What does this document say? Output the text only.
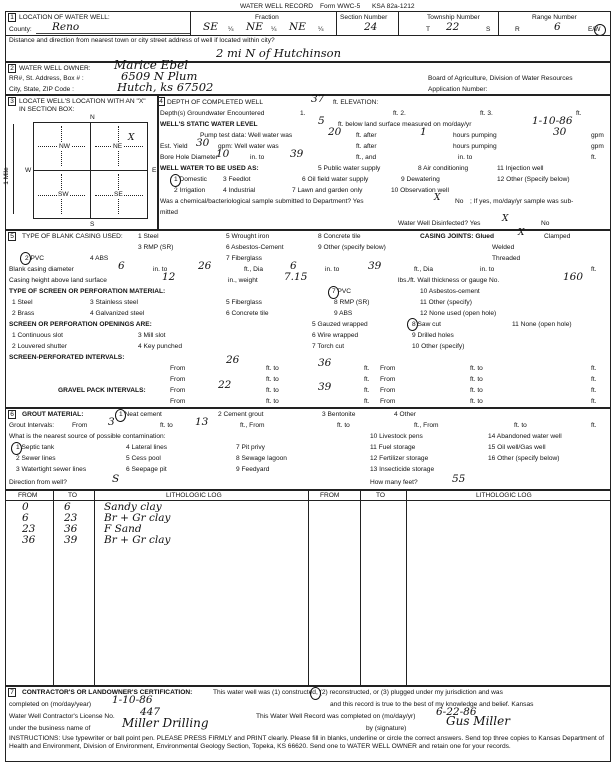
WATER WELL RECORD Form WWC-5 KSA 82a-1212
1 LOCATION OF WATER WELL:
County: Reno
Fraction
SE ¼ NE ¼ NE ¼
Section Number
24
Township Number
T 22	S
Range Number
R	6	E/W
Distance and direction from nearest town or city street address of well if located within city?
2 mi N of Hutchinson
2 WATER WELL OWNER: Marice Ebel
RR#, St. Address, Box # :	6509 N Plum
City, State, ZIP Code :	Hutch, ks 67502
Board of Agriculture, Division of Water Resources
Application Number:
3 LOCATE WELL'S LOCATION WITH AN "X" IN SECTION BOX:
N
S
W	E
1 Mile
NW	NE
SW	SE
X
4 DEPTH OF COMPLETED WELL	37 ft. ELEVATION:
Depth(s) Groundwater Encountered	1.	ft. 2.	ft. 3.	ft.
WELL'S STATIC WATER LEVEL	5 ft. below land surface measured on mo/day/yr	1-10-86
Pump test data: Well water was	20 ft. after	1	hours pumping	30	gpm
Est. Yield 30 gpm: Well water was	ft. after	hours pumping	gpm
Bore Hole Diameter
10	in. to 39	ft., and	in. to	ft.
WELL WATER TO BE USED AS:
1 Domestic 3 Feedlot
5 Public water supply	8 Air conditioning	11 Injection well
2 Irrigation	4 Industrial
6 Oil field water supply	9 Dewatering	12 Other (Specify below)
7 Lawn and garden only	10 Observation well
Was a chemical/bacteriological sample submitted to Department? Yes	X No ; If yes, mo/day/yr sample was sub-
mitted
Water Well Disinfected? Yes X	No
5	TYPE OF BLANK CASING USED: 1 Steel
3 RMP (SR)
5 Wrought iron	8 Concrete tile	CASING JOINTS: Glued	X	Clamped
2 PVC	4 ABS
6 Asbestos-Cement	9 Other (specify below)	Welded
7 Fiberglass	Threaded
Blank casing diameter	6	in. to	26	ft., Dia	6	in. to	39	ft., Dia	in. to	ft.
Casing height above land surface	12	in., weight	7.15	lbs./ft. Wall thickness or gauge No.	160
TYPE OF SCREEN OR PERFORATION MATERIAL:	7 PVC	10 Asbestos-cement
1 Steel	3 Stainless steel	5 Fiberglass	8 RMP (SR)	11 Other (specify)
2 Brass	4 Galvanized steel	6 Concrete tile	9 ABS	12 None used (open hole)
SCREEN OR PERFORATION OPENINGS ARE:	5 Gauzed wrapped	8 Saw cut	11 None (open hole)
1 Continuous slot	3 Mill slot	6 Wire wrapped	9 Drilled holes
2 Louvered shutter	4 Key punched	7 Torch cut	10 Other (specify)
SCREEN-PERFORATED INTERVALS:
From
26
ft. to	36	ft. From	ft. to	ft.
From	ft. to	ft. From	ft. to	ft.
GRAVEL PACK INTERVALS:	From	22	ft. to	39	ft. From	ft. to	ft.
From	ft. to	ft. From	ft. to	ft.
6	GROUT MATERIAL:	1 Neat cement	2 Cement grout	3 Bentonite	4 Other
Grout Intervals:	From 3	ft. to 13	ft., From	ft. to	ft., From	ft. to	ft.
What is the nearest source of possible contamination:	10 Livestock pens	14 Abandoned water well
1 Septic tank	4 Lateral lines	7 Pit privy	11 Fuel storage	15 Oil well/Gas well
2 Sewer lines	5 Cess pool	8 Sewage lagoon	12 Fertilizer storage	16 Other (specify below)
3 Watertight sewer lines	6 Seepage pit	9 Feedyard	13 Insecticide storage
Direction from well?	S	How many feet?	55
FROM	TO	LITHOLOGIC LOG	FROM	TO	LITHOLOGIC LOG
0	6	Sandy clay
6	23	Br + Gr clay
23	36	F Sand
36	39	Br + Gr clay
7	CONTRACTOR'S OR LANDOWNER'S CERTIFICATION:	This water well was (1) constructed, (2) reconstructed, or (3) plugged under my jurisdiction and was
completed on (mo/day/year) 1-10-86	and this record is true to the best of my knowledge and belief. Kansas
Water Well Contractor's License No. 447	This Water Well Record was completed on (mo/day/yr) 6-22-86
under the business name of	Miller Drilling	by (signature)
Gus Miller
INSTRUCTIONS: Use typewriter or ball point pen. PLEASE PRESS FIRMLY and PRINT clearly. Please fill in blanks, underline or circle the correct answers. Send top three copies to Kansas Department of Health and Environment, Division of Environment, Environmental Geology Section, Topeka, KS 66620. Send one to WATER WELL OWNER and retain one for your records.
